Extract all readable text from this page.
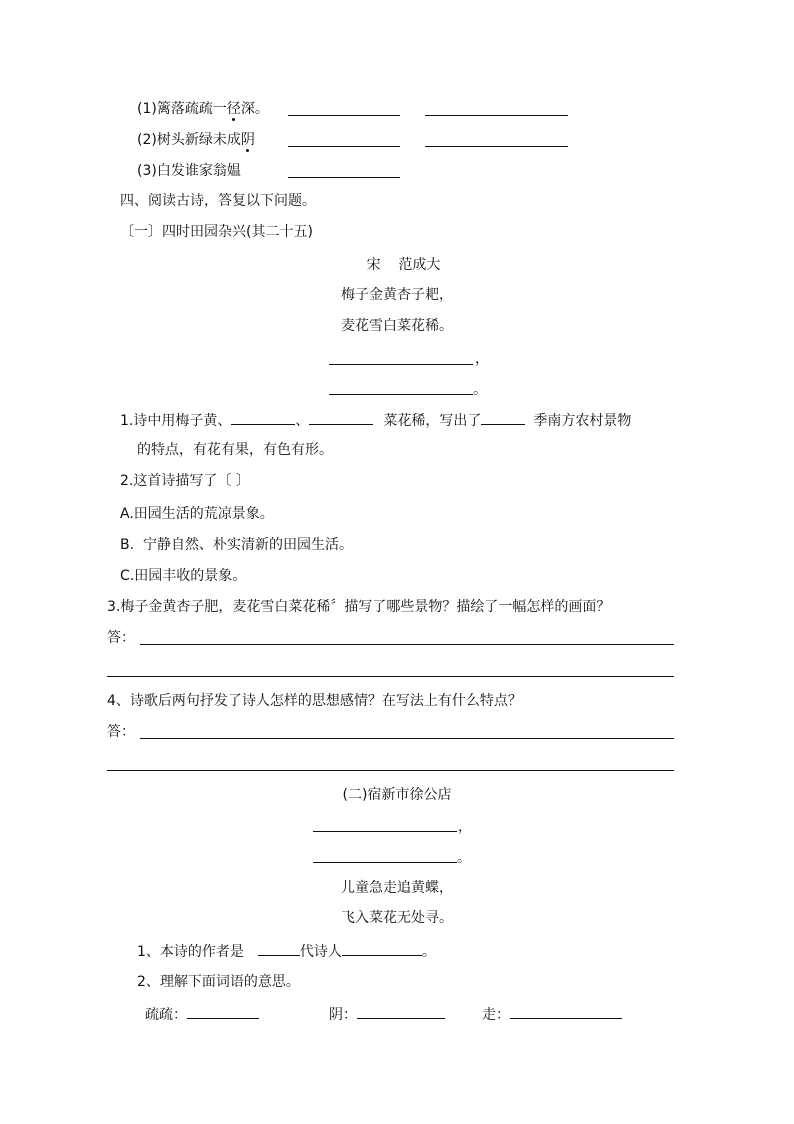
(1)篱落疏疏一径深。
(2)树头新绿未成阴
(3)白发谁家翁媪
四、阅读古诗，答复以下问题。
〔一〕四时田园杂兴(其二十五)
宋    范成大
梅子金黄杏子耙，
麦花雪白菜花稀。
，
。
1.诗中用梅子黄、	、	菜花稀，写出了	季南方农村景物
的特点，有花有果，有色有形。
2.这首诗描写了〔 〕
A.田园生活的荒凉景象。
B.  宁静自然、朴实清新的田园生活。
C.田园丰收的景象。
3.梅子金黄杏子肥，麦花雪白菜花稀〞描写了哪些景物？描绘了一幅怎样的画面？
答：
4、诗歌后两句抒发了诗人怎样的思想感情？在写法上有什么特点？
答：
(二)宿新市徐公店
，
。
儿童急走追黄蝶，
飞入菜花无处寻。
1、本诗的作者是	代诗人	。
2、理解下面词语的意思。
疏疏：	阴：	走：
